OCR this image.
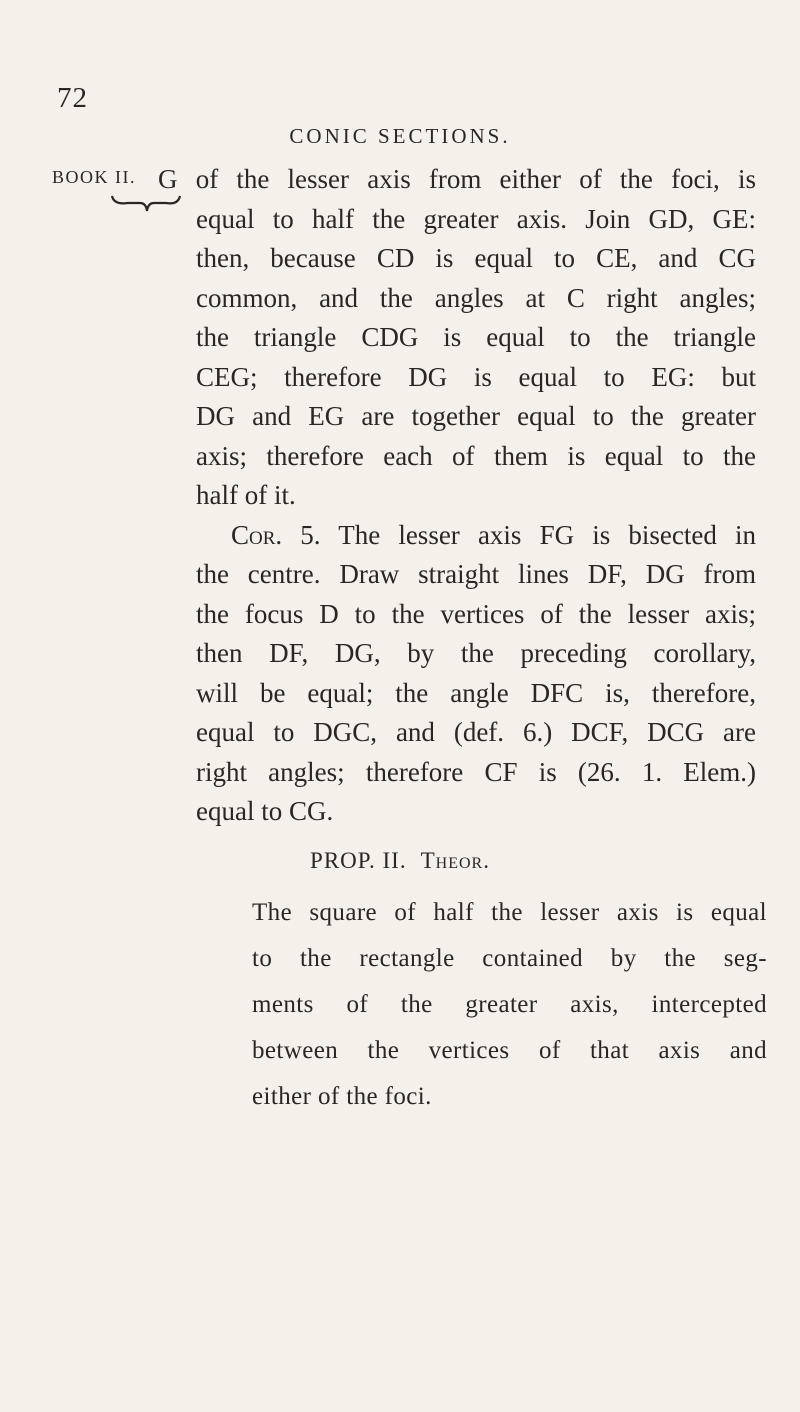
72
CONIC SECTIONS.
BOOK II. G of the lesser axis from either of the foci, is
equal to half the greater axis. Join GD, GE:
then, because CD is equal to CE, and CG
common, and the angles at C right angles;
the triangle CDG is equal to the triangle
CEG; therefore DG is equal to EG: but
DG and EG are together equal to the greater
axis; therefore each of them is equal to the
half of it.
Cor. 5. The lesser axis FG is bisected in
the centre. Draw straight lines DF, DG from
the focus D to the vertices of the lesser axis;
then DF, DG, by the preceding corollary,
will be equal; the angle DFC is, therefore,
equal to DGC, and (def. 6.) DCF, DCG are
right angles; therefore CF is (26. 1. Elem.)
equal to CG.
PROP. II. Theor.
The square of half the lesser axis is equal
to the rectangle contained by the seg-
ments of the greater axis, intercepted
between the vertices of that axis and
either of the foci.
